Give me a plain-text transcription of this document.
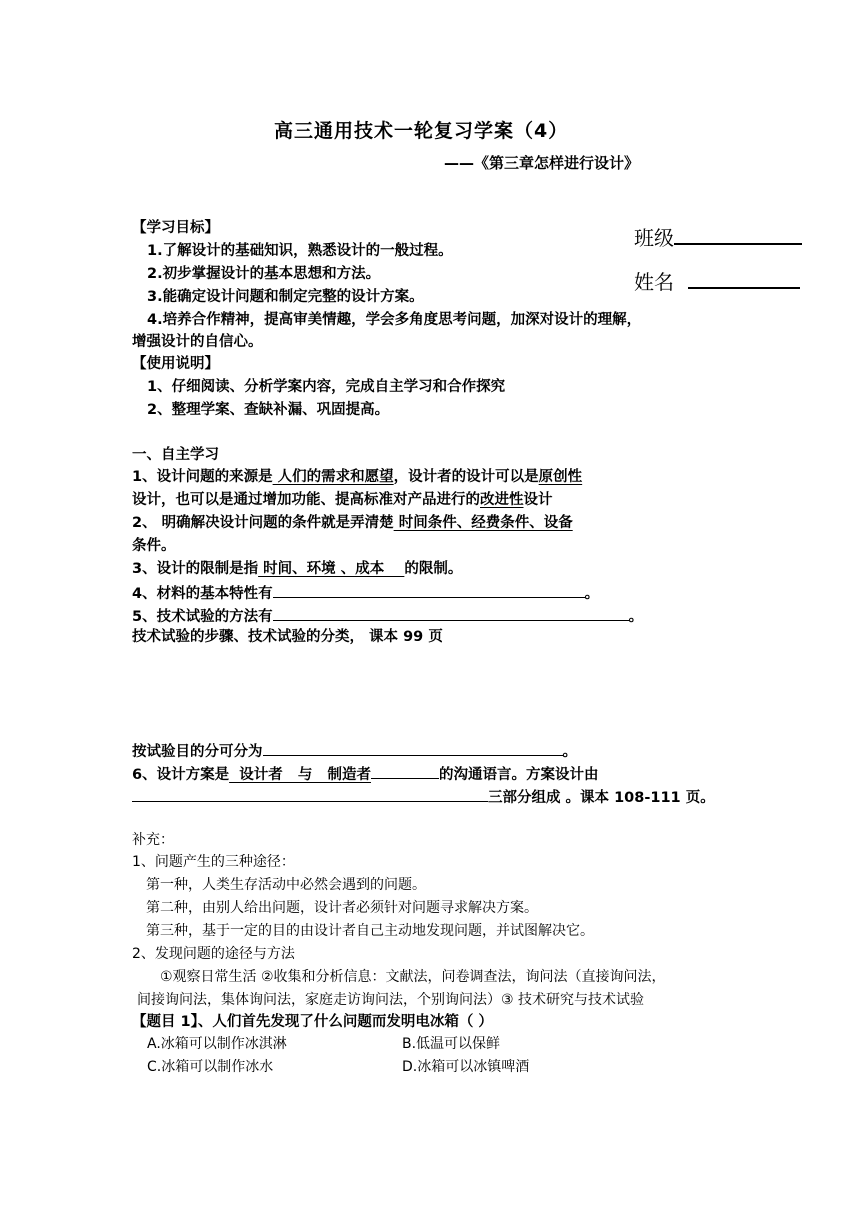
高三通用技术一轮复习学案（4）
——《第三章怎样进行设计》
班级
姓名
【学习目标】
1.了解设计的基础知识，熟悉设计的一般过程。
2.初步掌握设计的基本思想和方法。
3.能确定设计问题和制定完整的设计方案。
4.培养合作精神，提高审美情趣，学会多角度思考问题，加深对设计的理解，
增强设计的自信心。
【使用说明】
1、仔细阅读、分析学案内容，完成自主学习和合作探究
2、整理学案、查缺补漏、巩固提高。
一、自主学习
1、设计问题的来源是 人们的需求和愿望，设计者的设计可以是原创性
设计，也可以是通过增加功能、提高标准对产品进行的改进性设计
2、 明确解决设计问题的条件就是弄清楚 时间条件、经费条件、设备
条件。
3、设计的限制是指 时间、环境 、成本    的限制。
4、材料的基本特性有	。
5、技术试验的方法有	。
技术试验的步骤、技术试验的分类， 课本 99 页
按试验目的分可分为	。
6、设计方案是  设计者   与   制造者	的沟通语言。方案设计由
三部分组成 。课本 108-111 页。
补充：
1、问题产生的三种途径：
第一种，人类生存活动中必然会遇到的问题。
第二种，由别人给出问题，设计者必须针对问题寻求解决方案。
第三种，基于一定的目的由设计者自己主动地发现问题，并试图解决它。
2、发现问题的途径与方法
①观察日常生活 ②收集和分析信息：文献法，问卷调查法，询问法（直接询问法，
间接询问法，集体询问法，家庭走访询问法，个别询问法）③ 技术研究与技术试验
【题目 1】、人们首先发现了什么问题而发明电冰箱（ ）
A.冰箱可以制作冰淇淋	B.低温可以保鲜
C.冰箱可以制作冰水	D.冰箱可以冰镇啤酒
